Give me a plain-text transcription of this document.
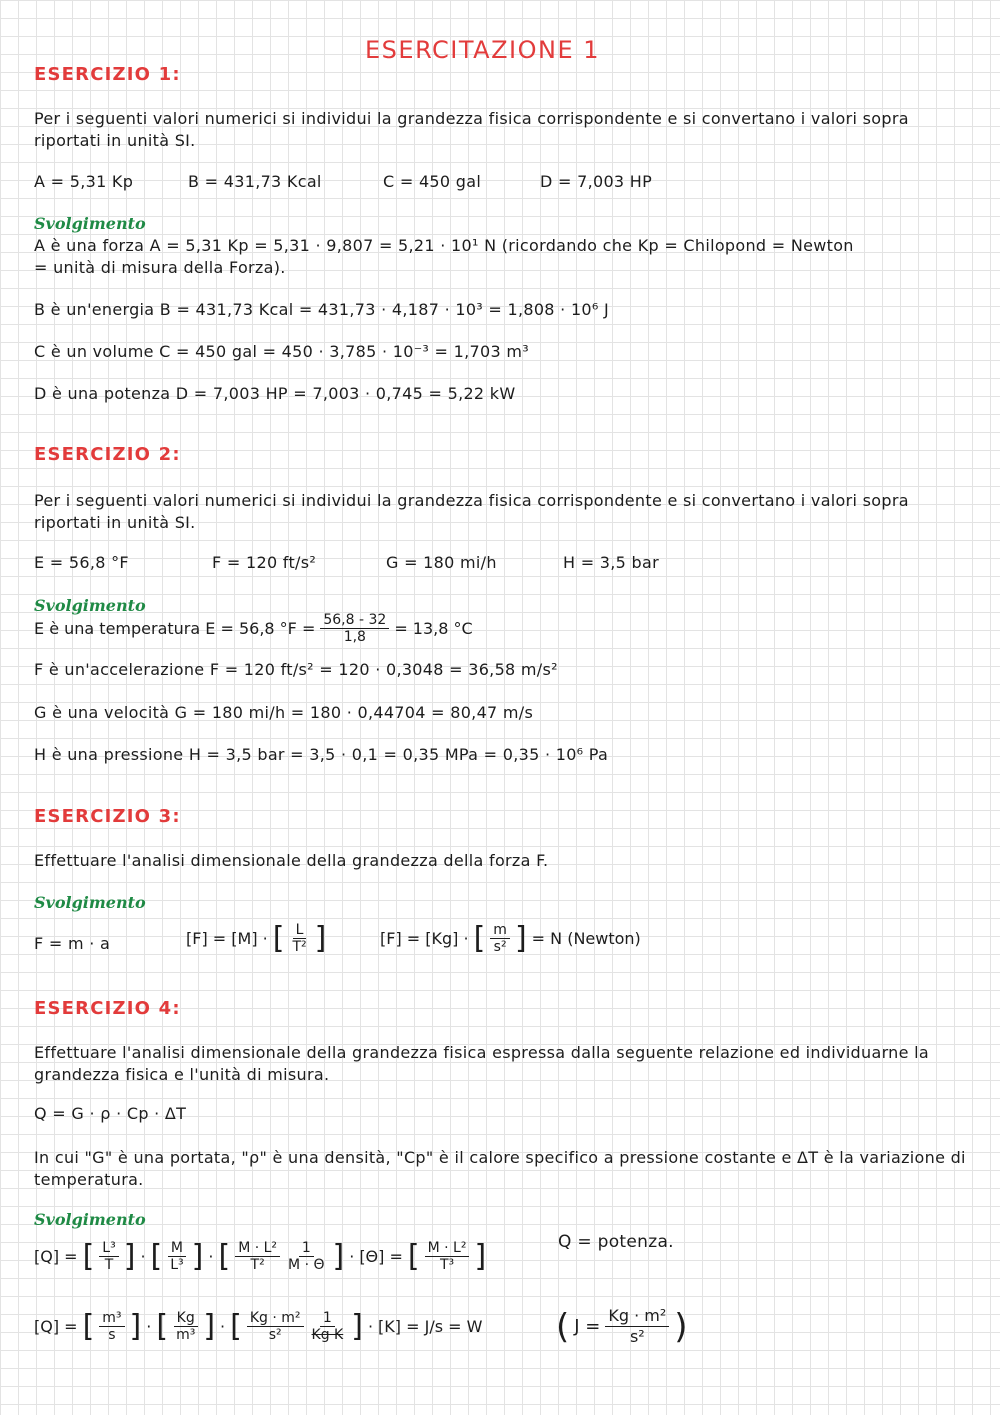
ESERCITAZIONE 1
ESERCIZIO 1:
Per i seguenti valori numerici si individui la grandezza fisica corrispondente e si convertano i valori sopra riportati in unità SI.
A = 5,31 Kp	B = 431,73 Kcal	C = 450 gal	D = 7,003 HP
Svolgimento
A è una forza A = 5,31 Kp = 5,31 · 9,807 = 5,21 · 10¹ N (ricordando che Kp = Chilopond = Newton
= unità di misura della Forza).
B è un'energia B = 431,73 Kcal = 431,73 · 4,187 · 10³ = 1,808 · 10⁶ J
C è un volume C = 450 gal = 450 · 3,785 · 10⁻³ = 1,703 m³
D è una potenza D = 7,003 HP = 7,003 · 0,745 = 5,22 kW
ESERCIZIO 2:
Per i seguenti valori numerici si individui la grandezza fisica corrispondente e si convertano i valori sopra riportati in unità SI.
E = 56,8 °F	F = 120 ft/s²	G = 180 mi/h	H = 3,5 bar
Svolgimento
E è una temperatura E = 56,8 $^\circ F = \frac{56,8 - 32}{1,8} = 13,8$ °C
F è un'accelerazione F = 120 ft/s² = 120 · 0,3048 = 36,58 m/s²
G è una velocità G = 180 mi/h = 180 · 0,44704 = 80,47 m/s
H è una pressione H = 3,5 bar = 3,5 · 0,1 = 0,35 MPa = 0,35 · 10⁶ Pa
ESERCIZIO 3:
Effettuare l'analisi dimensionale della grandezza della forza F.
Svolgimento
F = m · a	[F] = [M] · [ $\frac{L}{\text{T²}}$ ]	[F] = [Kg] · [ $\frac{m}{\text{s²}}$ ] = N (Newton)
ESERCIZIO 4:
Effettuare l'analisi dimensionale della grandezza fisica espressa dalla seguente relazione ed individuarne la grandezza fisica e l'unità di misura.
Q = G · ρ · Cp · ΔT
In cui "G" è una portata, "ρ" è una densità, "Cp" è il calore specifico a pressione costante e ΔT è la variazione di temperatura.
Svolgimento
Q = potenza.
[Q] = [ $\frac{\text{L³}}{T}$ ] · [ $\frac{M}{\text{L³}}$ ] · [ $\frac{\text{M · L²}}{\text{T²}} \frac{1}{M \cdot \Theta}$ ] · [Θ] = [ $\frac{\text{M · L²}}{\text{T³}}$ ]
[Q] = [ $\frac{\text{m³}}{s}$ ] · [ $\frac{Kg}{\text{m³}}$ ] · [ $\frac{\text{Kg · m²}}{\text{s²}} \frac{1}{\text{Kg K}}$ ] · [K] = J/s = W ( $J = \frac{\text{Kg · m²}}{\text{s²}}$ )
